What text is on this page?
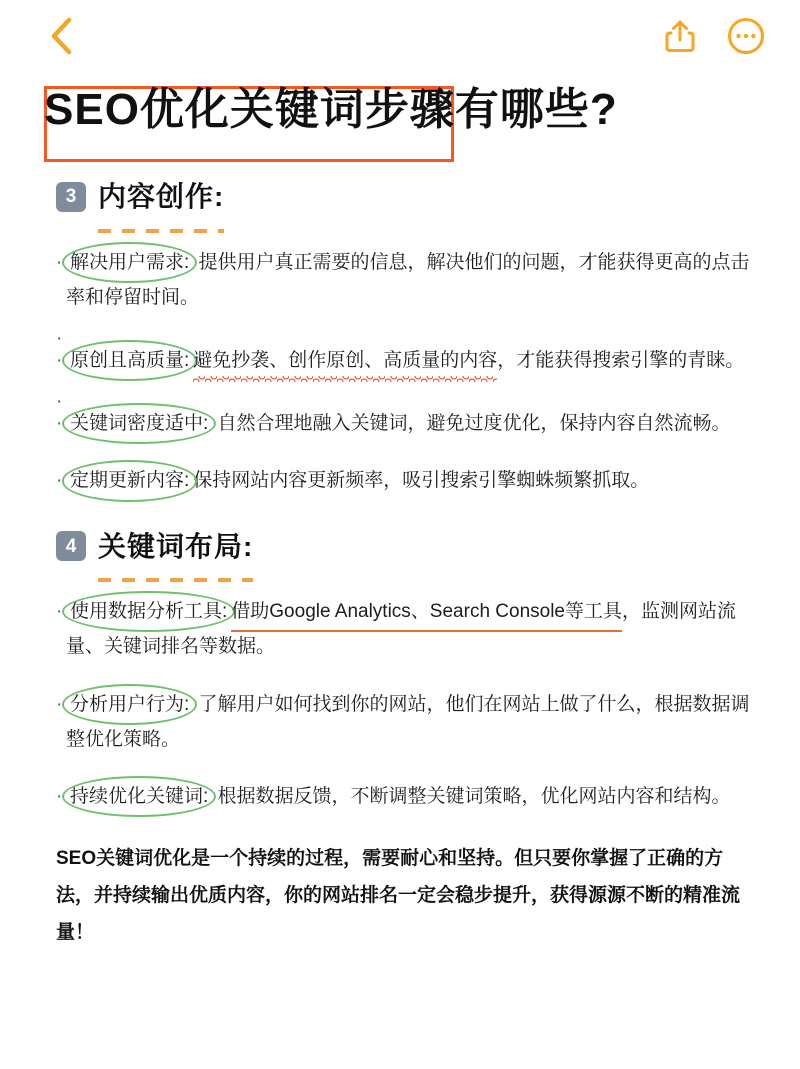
SEO优化关键词步骤有哪些?
3 内容创作:
· 解决用户需求: 提供用户真正需要的信息，解决他们的问题，才能获得更高的点击率和停留时间。
·
· 原创且高质量: 避免抄袭、创作原创、高质量的内容，才能获得搜索引擎的青睐。
·
· 关键词密度适中: 自然合理地融入关键词，避免过度优化，保持内容自然流畅。
· 定期更新内容: 保持网站内容更新频率，吸引搜索引擎蜘蛛频繁抓取。
4 关键词布局:
· 使用数据分析工具: 借助Google Analytics、Search Console等工具，监测网站流量、关键词排名等数据。
· 分析用户行为: 了解用户如何找到你的网站，他们在网站上做了什么，根据数据调整优化策略。
· 持续优化关键词: 根据数据反馈，不断调整关键词策略，优化网站内容和结构。
SEO关键词优化是一个持续的过程，需要耐心和坚持。但只要你掌握了正确的方法，并持续输出优质内容，你的网站排名一定会稳步提升，获得源源不断的精准流量！
